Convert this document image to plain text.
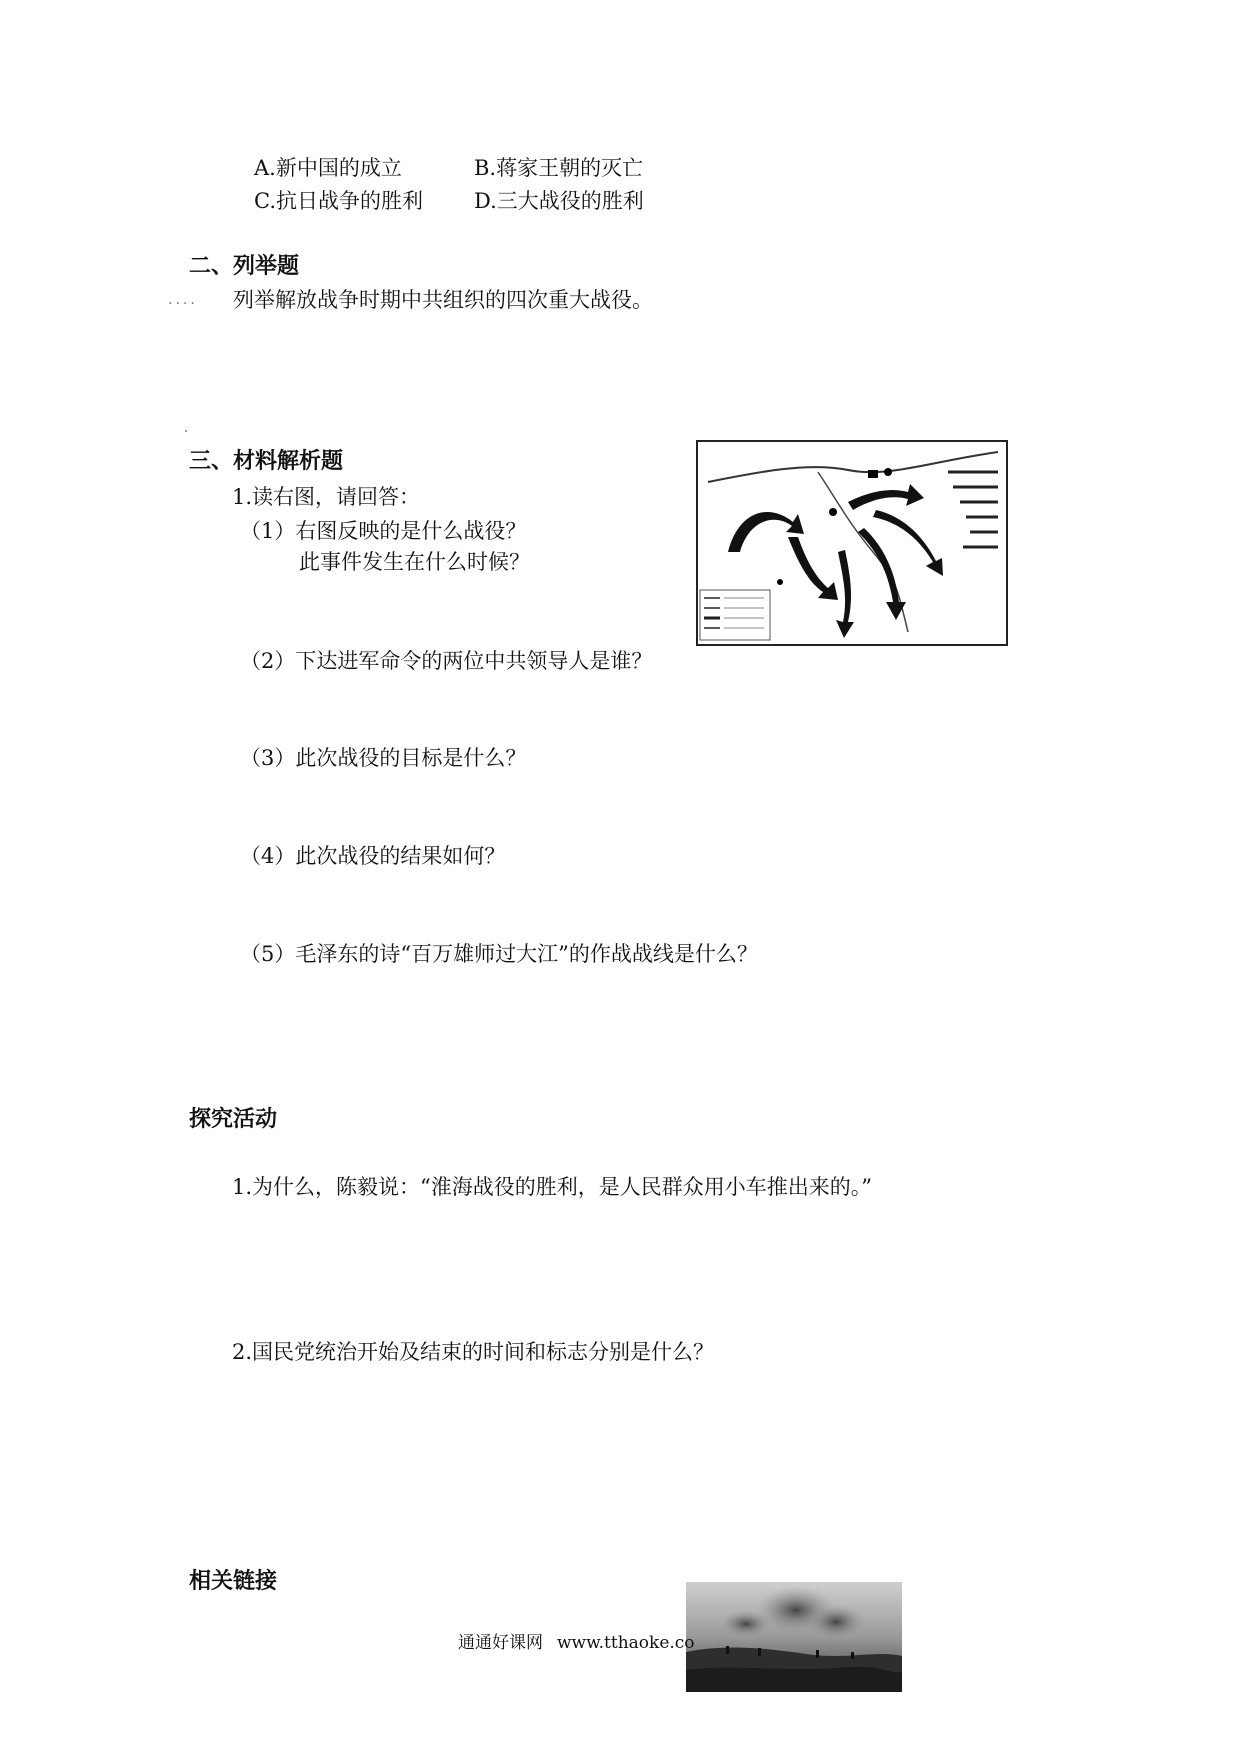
A.新中国的成立	B.蒋家王朝的灭亡
C.抗日战争的胜利 D.三大战役的胜利
二、列举题
.... 列举解放战争时期中共组织的四次重大战役。
三、材料解析题
1.读右图，请回答：
（1）右图反映的是什么战役？
此事件发生在什么时候？
（2）下达进军命令的两位中共领导人是谁？
（3）此次战役的目标是什么？
（4）此次战役的结果如何？
（5）毛泽东的诗“百万雄师过大江”的作战战线是什么？
探究活动
1.为什么，陈毅说：“淮海战役的胜利，是人民群众用小车推出来的。”
2.国民党统治开始及结束的时间和标志分别是什么？
相关链接
通通好课网 www.tthaoke.co
